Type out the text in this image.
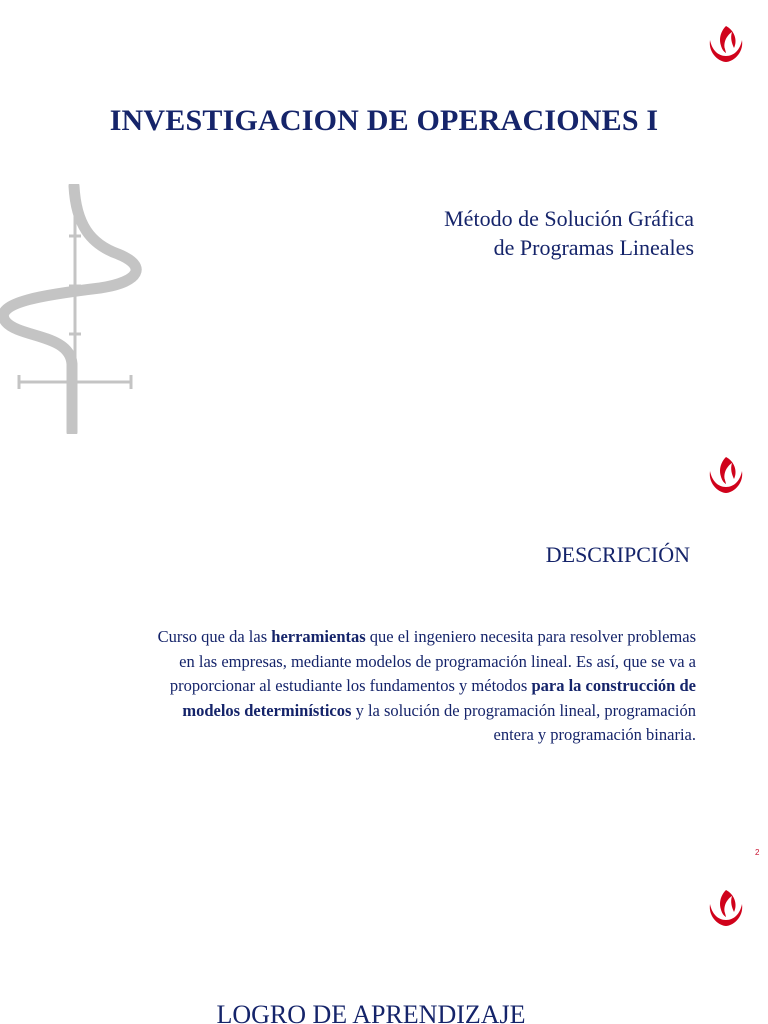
INVESTIGACION DE OPERACIONES I
Método de Solución Gráfica
de Programas Lineales
DESCRIPCIÓN
Curso que da las herramientas que el ingeniero necesita para resolver problemas
en las empresas, mediante modelos de programación lineal. Es así, que se va a
proporcionar al estudiante los fundamentos y métodos para la construcción de
modelos determinísticos y la solución de programación lineal, programación
entera y programación binaria.
2
LOGRO DE APRENDIZAJE
